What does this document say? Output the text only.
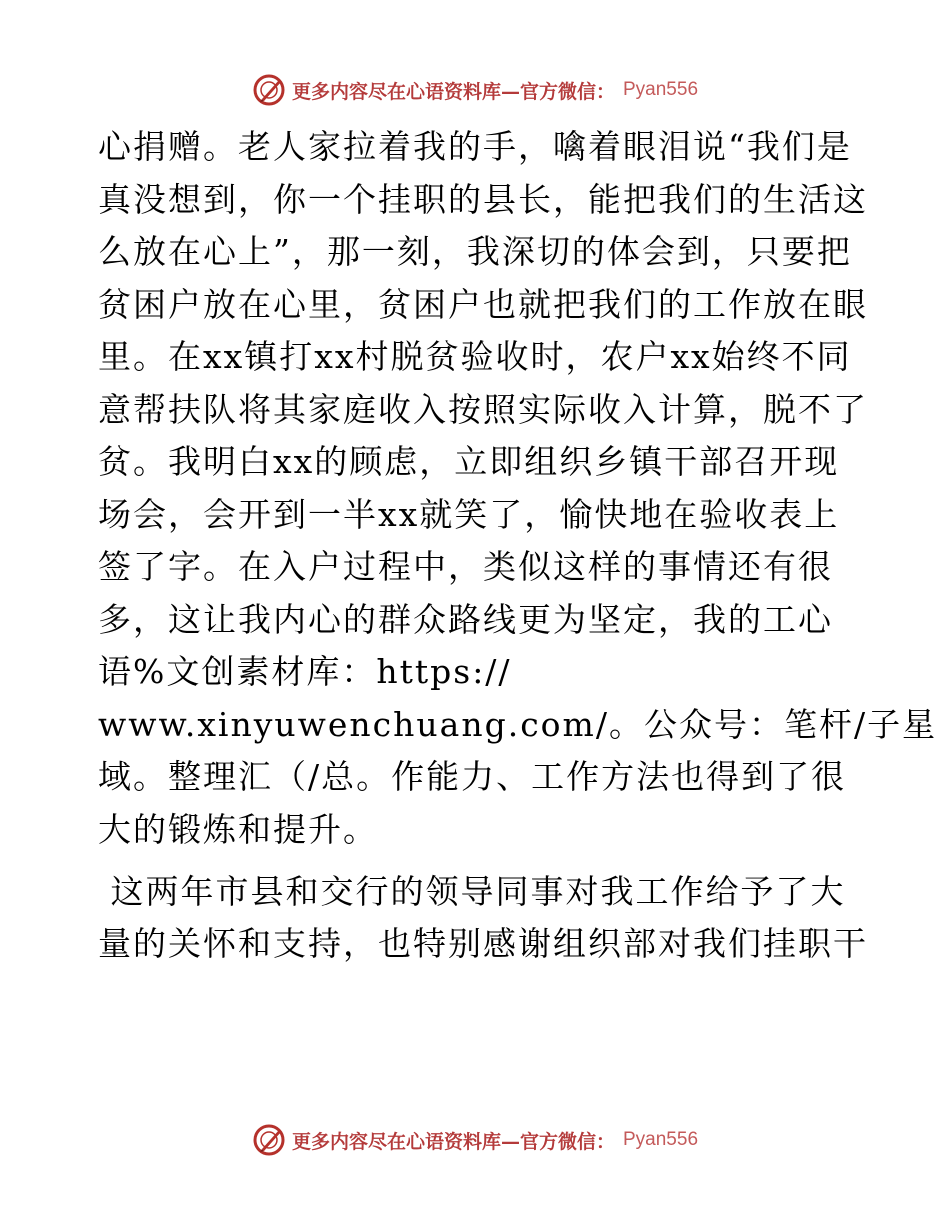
更多内容尽在心语资料库—官方微信： Pyan556
心捐赠。老人家拉着我的手，噙着眼泪说“我们是
真没想到，你一个挂职的县长，能把我们的生活这
么放在心上”，那一刻，我深切的体会到，只要把
贫困户放在心里，贫困户也就把我们的工作放在眼
里。在xx镇打xx村脱贫验收时，农户xx始终不同
意帮扶队将其家庭收入按照实际收入计算，脱不了
贫。我明白xx的顾虑，立即组织乡镇干部召开现
场会，会开到一半xx就笑了，愉快地在验收表上
签了字。在入户过程中，类似这样的事情还有很
多，这让我内心的群众路线更为坚定，我的工心
语%文创素材库：https://
www.xinyuwenchuang.com/。公众号：笔杆/子星
域。整理汇（/总。作能力、工作方法也得到了很
大的锻炼和提升。
这两年市县和交行的领导同事对我工作给予了大
量的关怀和支持，也特别感谢组织部对我们挂职干
更多内容尽在心语资料库—官方微信： Pyan556
